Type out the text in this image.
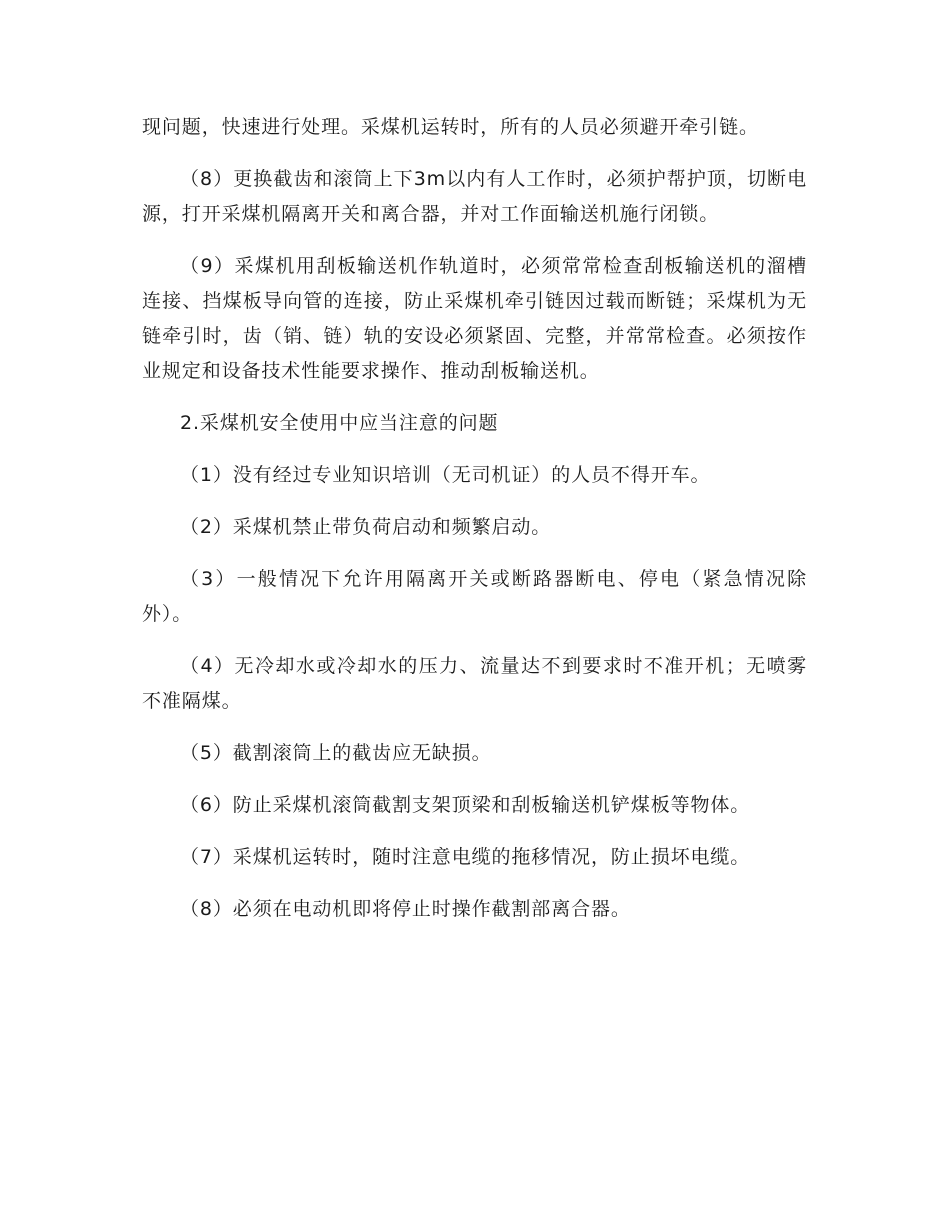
现问题，快速进行处理。采煤机运转时，所有的人员必须避开牵引链。

（8）更换截齿和滚筒上下3m以内有人工作时，必须护帮护顶，切断电源，打开采煤机隔离开关和离合器，并对工作面输送机施行闭锁。

（9）采煤机用刮板输送机作轨道时，必须常常检查刮板输送机的溜槽连接、挡煤板导向管的连接，防止采煤机牵引链因过载而断链；采煤机为无链牵引时，齿（销、链）轨的安设必须紧固、完整，并常常检查。必须按作业规定和设备技术性能要求操作、推动刮板输送机。

2.采煤机安全使用中应当注意的问题

（1）没有经过专业知识培训（无司机证）的人员不得开车。

（2）采煤机禁止带负荷启动和频繁启动。

（3）一般情况下允许用隔离开关或断路器断电、停电（紧急情况除外）。

（4）无冷却水或冷却水的压力、流量达不到要求时不准开机；无喷雾不准隔煤。

（5）截割滚筒上的截齿应无缺损。

（6）防止采煤机滚筒截割支架顶梁和刮板输送机铲煤板等物体。

（7）采煤机运转时，随时注意电缆的拖移情况，防止损坏电缆。

（8）必须在电动机即将停止时操作截割部离合器。
